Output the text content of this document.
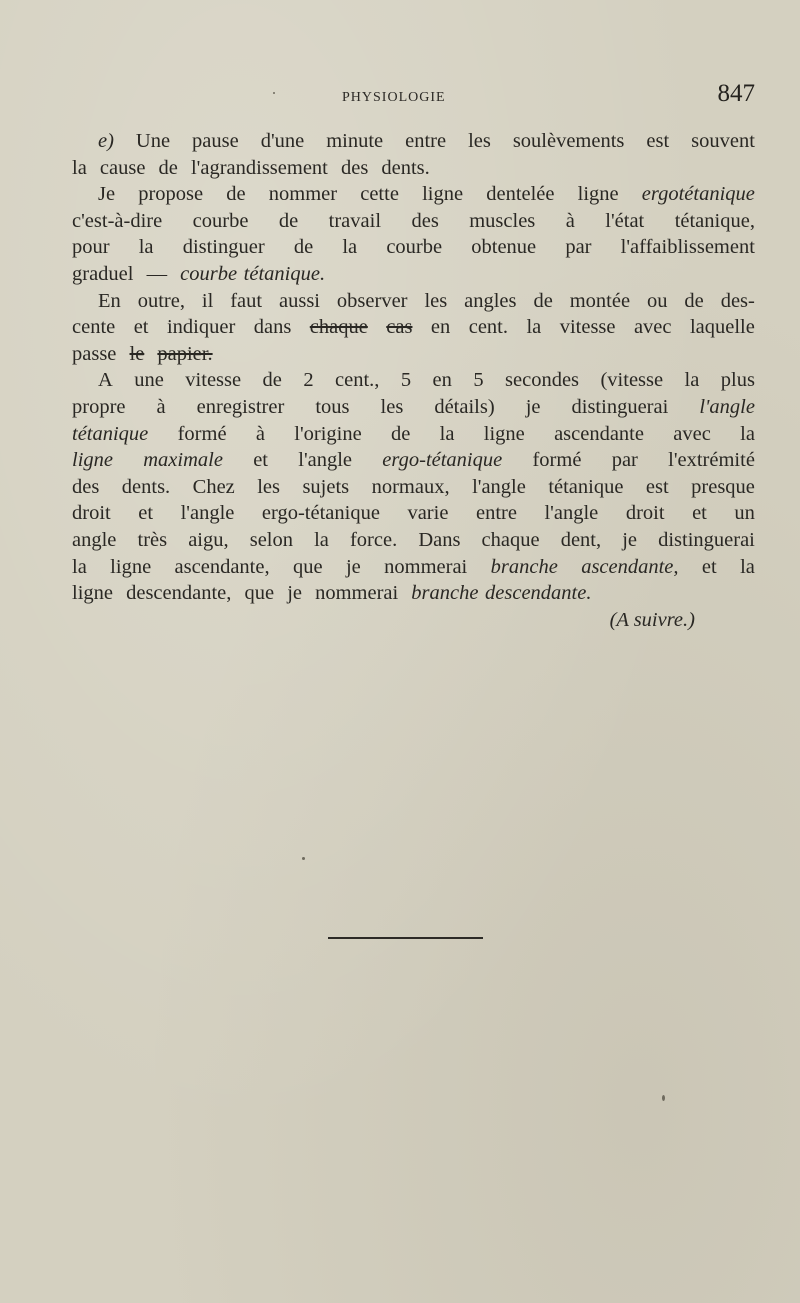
PHYSIOLOGIE	847
e) Une pause d'une minute entre les soulèvements est souvent
la cause de l'agrandissement des dents.
Je propose de nommer cette ligne dentelée ligne ergotétanique
c'est-à-dire courbe de travail des muscles à l'état tétanique,
pour la distinguer de la courbe obtenue par l'affaiblissement
graduel — courbe tétanique.
En outre, il faut aussi observer les angles de montée ou de des-
cente et indiquer dans chaque cas en cent. la vitesse avec laquelle
passe le papier.
A une vitesse de 2 cent., 5 en 5 secondes (vitesse la plus
propre à enregistrer tous les détails) je distinguerai l'angle
tétanique formé à l'origine de la ligne ascendante avec la
ligne maximale et l'angle ergo-tétanique formé par l'extrémité
des dents. Chez les sujets normaux, l'angle tétanique est presque
droit et l'angle ergo-tétanique varie entre l'angle droit et un
angle très aigu, selon la force. Dans chaque dent, je distinguerai
la ligne ascendante, que je nommerai branche ascendante, et la
ligne descendante, que je nommerai branche descendante.
(A suivre.)
